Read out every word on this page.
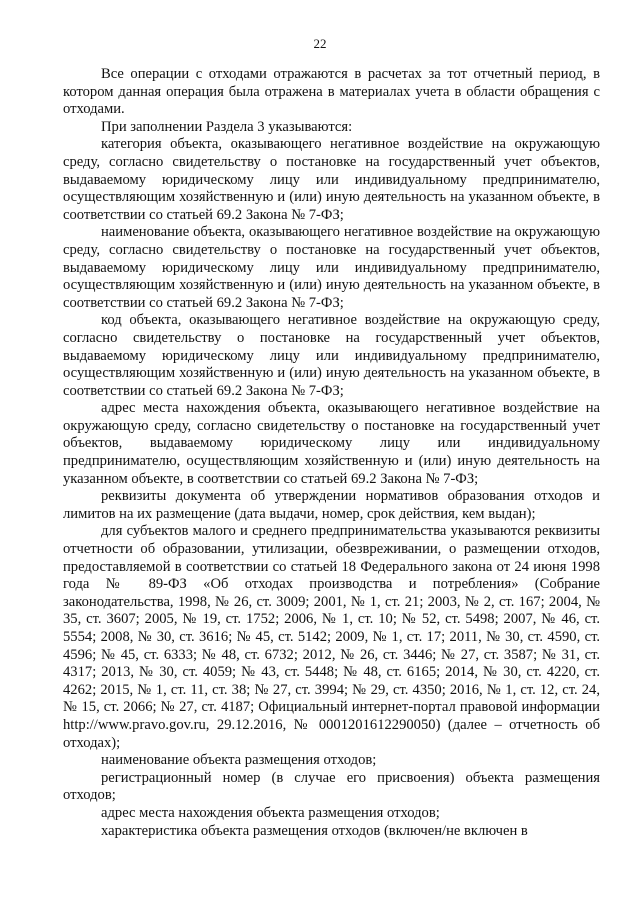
22

Все операции с отходами отражаются в расчетах за тот отчетный период, в котором данная операция была отражена в материалах учета в области обращения с отходами.

При заполнении Раздела 3 указываются:

категория объекта, оказывающего негативное воздействие на окружающую среду, согласно свидетельству о постановке на государственный учет объектов, выдаваемому юридическому лицу или индивидуальному предпринимателю, осуществляющим хозяйственную и (или) иную деятельность на указанном объекте, в соответствии со статьей 69.2 Закона № 7-ФЗ;

наименование объекта, оказывающего негативное воздействие на окружающую среду, согласно свидетельству о постановке на государственный учет объектов, выдаваемому юридическому лицу или индивидуальному предпринимателю, осуществляющим хозяйственную и (или) иную деятельность на указанном объекте, в соответствии со статьей 69.2 Закона № 7-ФЗ;

код объекта, оказывающего негативное воздействие на окружающую среду, согласно свидетельству о постановке на государственный учет объектов, выдаваемому юридическому лицу или индивидуальному предпринимателю, осуществляющим хозяйственную и (или) иную деятельность на указанном объекте, в соответствии со статьей 69.2 Закона № 7-ФЗ;

адрес места нахождения объекта, оказывающего негативное воздействие на окружающую среду, согласно свидетельству о постановке на государственный учет объектов, выдаваемому юридическому лицу или индивидуальному предпринимателю, осуществляющим хозяйственную и (или) иную деятельность на указанном объекте, в соответствии со статьей 69.2 Закона № 7-ФЗ;

реквизиты документа об утверждении нормативов образования отходов и лимитов на их размещение (дата выдачи, номер, срок действия, кем выдан);

для субъектов малого и среднего предпринимательства указываются реквизиты отчетности об образовании, утилизации, обезвреживании, о размещении отходов, предоставляемой в соответствии со статьей 18 Федерального закона от 24 июня 1998 года № 89-ФЗ «Об отходах производства и потребления» (Собрание законодательства, 1998, № 26, ст. 3009; 2001, № 1, ст. 21; 2003, № 2, ст. 167; 2004, № 35, ст. 3607; 2005, № 19, ст. 1752; 2006, № 1, ст. 10; № 52, ст. 5498; 2007, № 46, ст. 5554; 2008, № 30, ст. 3616; № 45, ст. 5142; 2009, № 1, ст. 17; 2011, № 30, ст. 4590, ст. 4596; № 45, ст. 6333; № 48, ст. 6732; 2012, № 26, ст. 3446; № 27, ст. 3587; № 31, ст. 4317; 2013, № 30, ст. 4059; № 43, ст. 5448; № 48, ст. 6165; 2014, № 30, ст. 4220, ст. 4262; 2015, № 1, ст. 11, ст. 38; № 27, ст. 3994; № 29, ст. 4350; 2016, № 1, ст. 12, ст. 24, № 15, ст. 2066; № 27, ст. 4187; Официальный интернет-портал правовой информации http://www.pravo.gov.ru, 29.12.2016, № 0001201612290050) (далее – отчетность об отходах);

наименование объекта размещения отходов;

регистрационный номер (в случае его присвоения) объекта размещения отходов;

адрес места нахождения объекта размещения отходов;

характеристика объекта размещения отходов (включен/не включен в
